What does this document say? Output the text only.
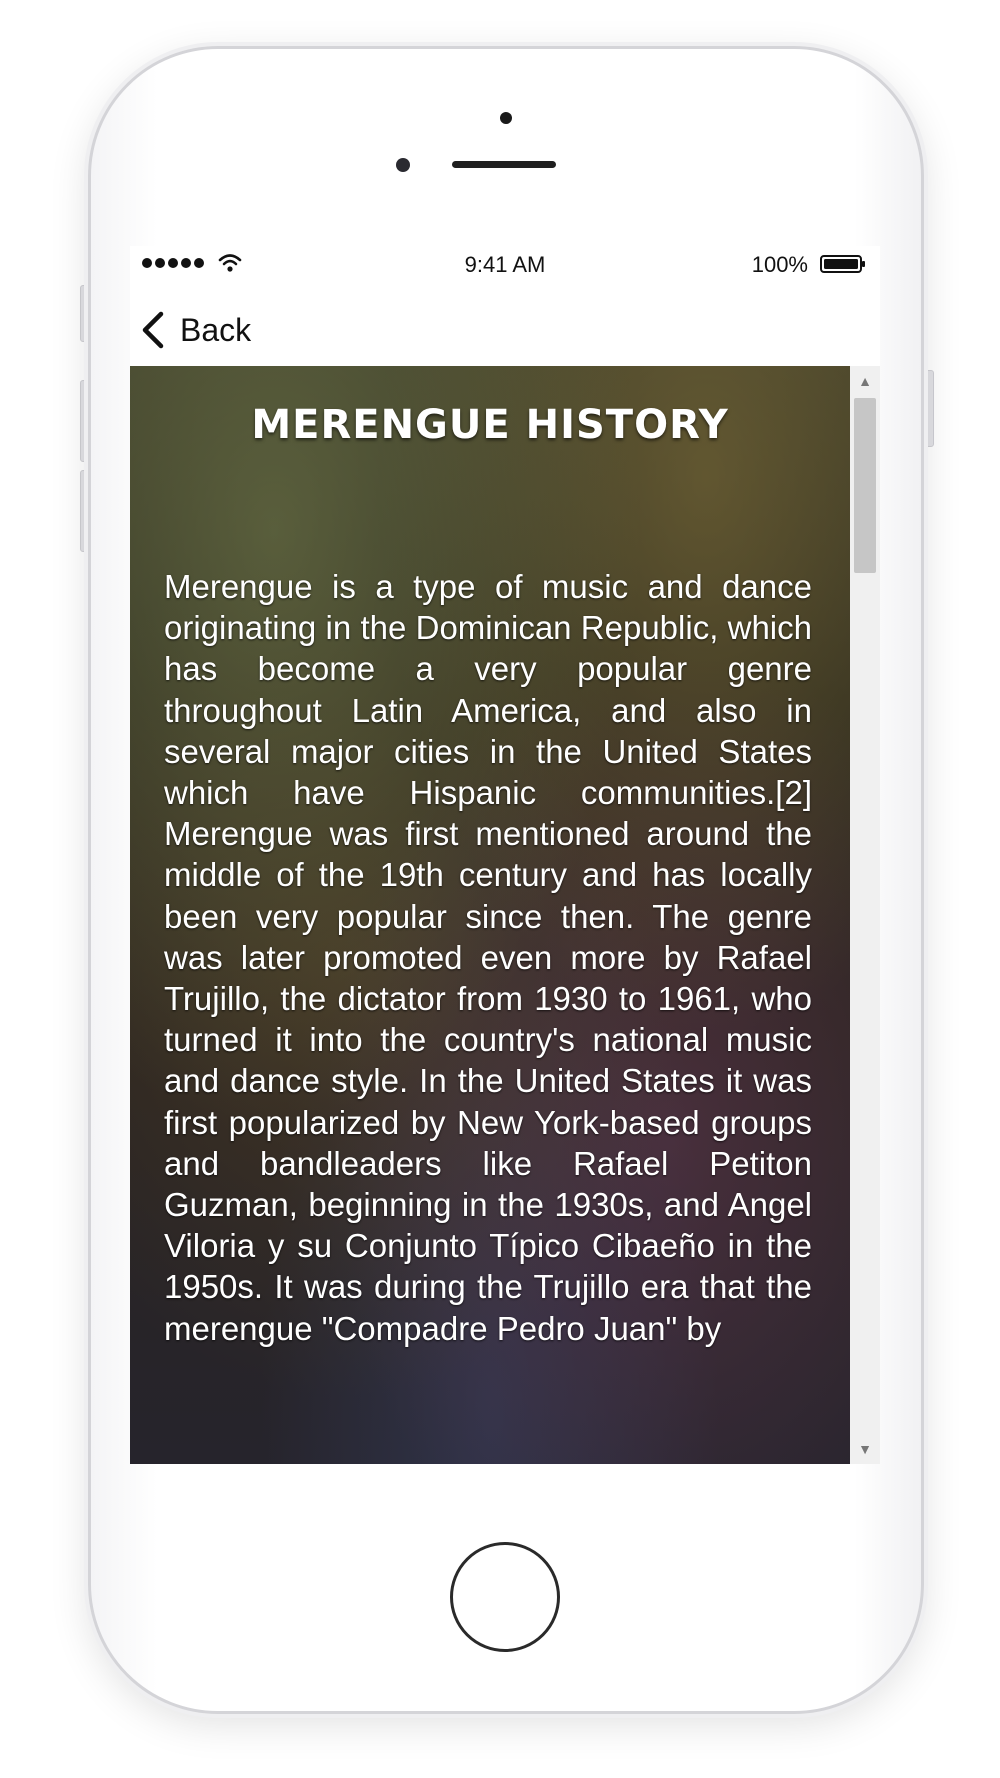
9:41 AM	100%
Back
MERENGUE HISTORY

Merengue is a type of music and dance originating in the Dominican Republic, which has become a very popular genre throughout Latin America, and also in several major cities in the United States which have Hispanic communities.[2] Merengue was first mentioned around the middle of the 19th century and has locally been very popular since then. The genre was later promoted even more by Rafael Trujillo, the dictator from 1930 to 1961, who turned it into the country's national music and dance style. In the United States it was first popularized by New York-based groups and bandleaders like Rafael Petiton Guzman, beginning in the 1930s, and Angel Viloria y su Conjunto Típico Cibaeño in the 1950s. It was during the Trujillo era that the merengue "Compadre Pedro Juan" by

▲
▼
